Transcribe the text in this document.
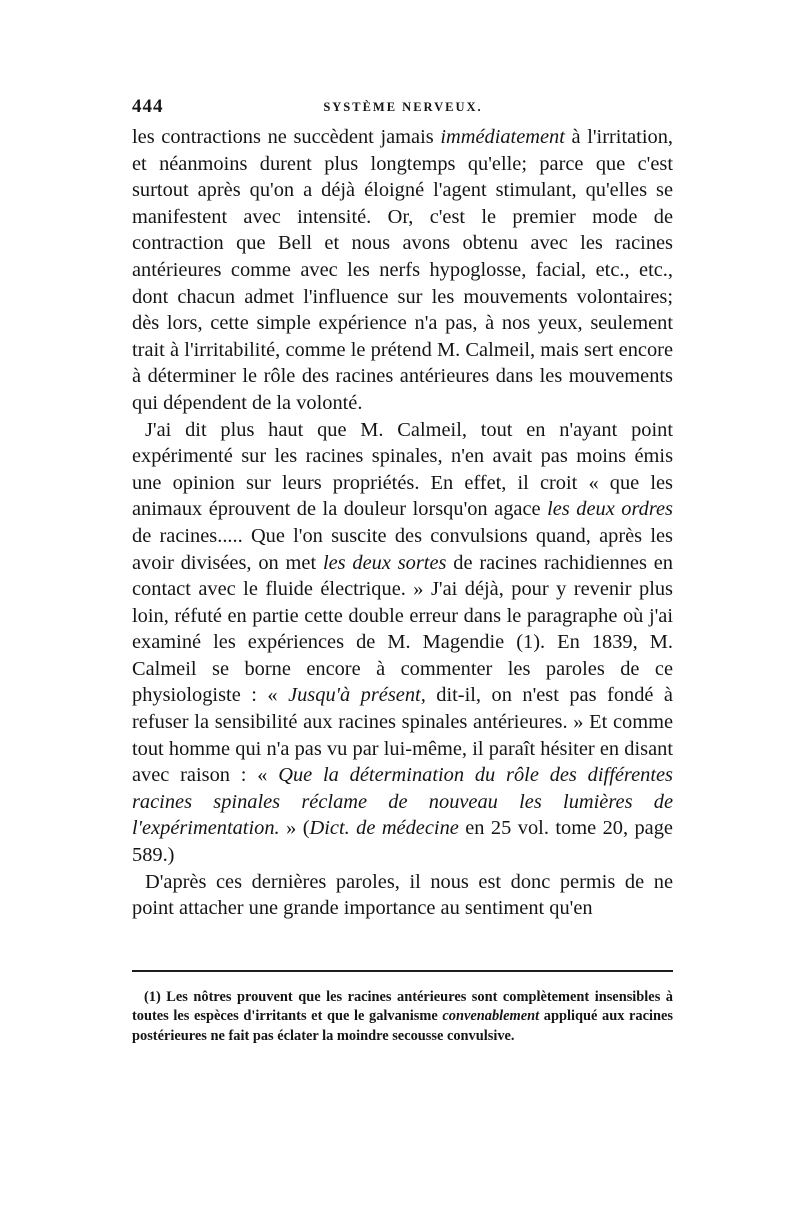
444	SYSTÈME NERVEUX.

les contractions ne succèdent jamais immédiatement à l'irritation, et néanmoins durent plus longtemps qu'elle; parce que c'est surtout après qu'on a déjà éloigné l'agent stimulant, qu'elles se manifestent avec intensité. Or, c'est le premier mode de contraction que Bell et nous avons obtenu avec les racines antérieures comme avec les nerfs hypoglosse, facial, etc., etc., dont chacun admet l'influence sur les mouvements volontaires; dès lors, cette simple expérience n'a pas, à nos yeux, seulement trait à l'irritabilité, comme le prétend M. Calmeil, mais sert encore à déterminer le rôle des racines antérieures dans les mouvements qui dépendent de la volonté.

J'ai dit plus haut que M. Calmeil, tout en n'ayant point expérimenté sur les racines spinales, n'en avait pas moins émis une opinion sur leurs propriétés. En effet, il croit « que les animaux éprouvent de la douleur lorsqu'on agace les deux ordres de racines..... Que l'on suscite des convulsions quand, après les avoir divisées, on met les deux sortes de racines rachidiennes en contact avec le fluide électrique. » J'ai déjà, pour y revenir plus loin, réfuté en partie cette double erreur dans le paragraphe où j'ai examiné les expériences de M. Magendie (1). En 1839, M. Calmeil se borne encore à commenter les paroles de ce physiologiste : « Jusqu'à présent, dit-il, on n'est pas fondé à refuser la sensibilité aux racines spinales antérieures. » Et comme tout homme qui n'a pas vu par lui-même, il paraît hésiter en disant avec raison : « Que la détermination du rôle des différentes racines spinales réclame de nouveau les lumières de l'expérimentation. » (Dict. de médecine en 25 vol. tome 20, page 589.)

D'après ces dernières paroles, il nous est donc permis de ne point attacher une grande importance au sentiment qu'en

(1) Les nôtres prouvent que les racines antérieures sont complètement insensibles à toutes les espèces d'irritants et que le galvanisme convenablement appliqué aux racines postérieures ne fait pas éclater la moindre secousse convulsive.
